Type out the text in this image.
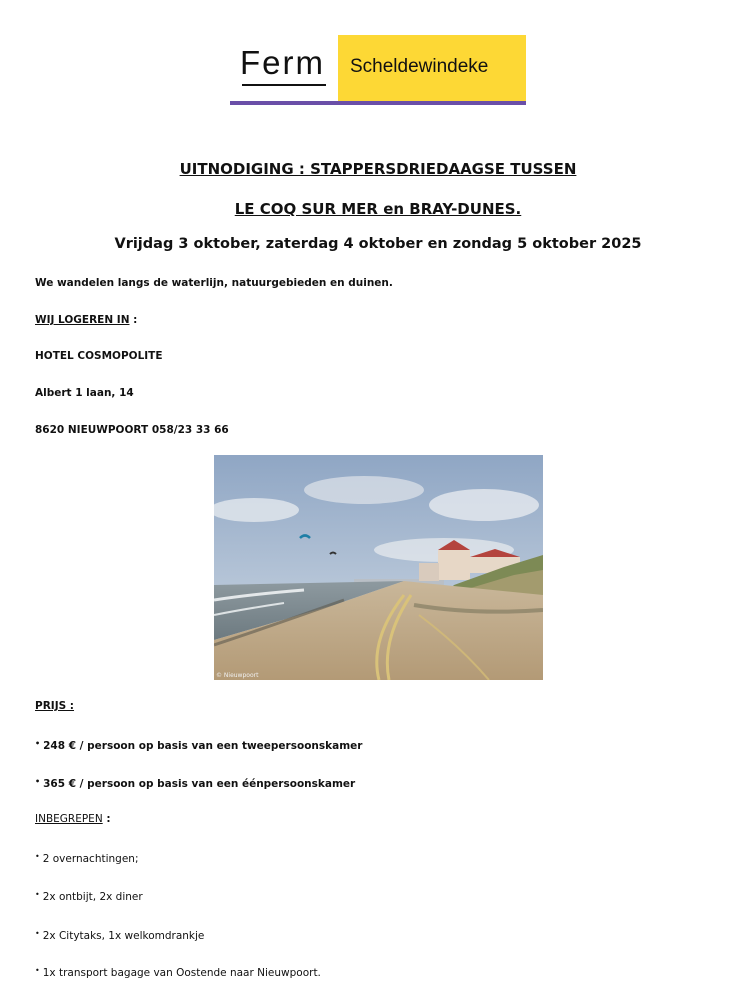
Ferm Scheldewindeke
UITNODIGING : STAPPERSDRIEDAAGSE TUSSEN
LE COQ SUR MER en BRAY-DUNES.
Vrijdag 3 oktober, zaterdag 4 oktober en zondag 5 oktober 2025
We wandelen langs de waterlijn, natuurgebieden en duinen.
WIJ LOGEREN IN :
HOTEL COSMOPOLITE
Albert 1 laan, 14
8620 NIEUWPOORT 058/23 33 66
© Nieuwpoort
PRIJS :
• 248 € / persoon op basis van een tweepersoonskamer
• 365 € / persoon op basis van een éénpersoonskamer
INBEGREPEN :
• 2 overnachtingen;
• 2x ontbijt, 2x diner
• 2x Citytaks, 1x welkomdrankje
• 1x transport bagage van Oostende naar Nieuwpoort.
